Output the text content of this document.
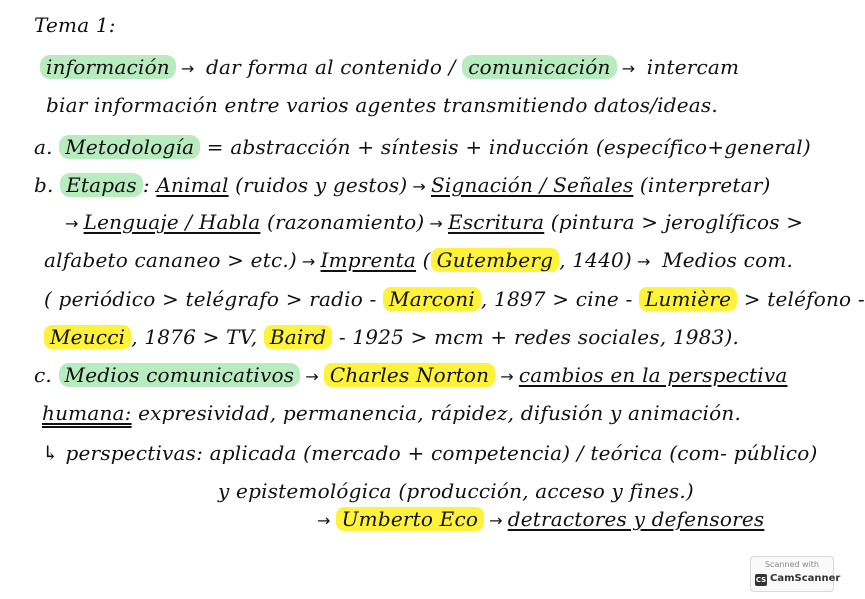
Tema 1:
información → dar forma al contenido / comunicación → intercam
biar información entre varios agentes transmitiendo datos/ideas.
a. Metodología = abstracción + síntesis + inducción (específico+general)
b. Etapas : Animal (ruidos y gestos) → Signación / Señales (interpretar)
→ Lenguaje / Habla (razonamiento) → Escritura (pintura > jeroglíficos >
alfabeto cananeo > etc.) → Imprenta ( Gutemberg , 1440) → Medios com.
( periódico > telégrafo > radio - Marconi , 1897 > cine - Lumière > teléfono -
Meucci , 1876 > TV, Baird - 1925 > mcm + redes sociales, 1983).
c. Medios comunicativos → Charles Norton → cambios en la perspectiva
humana: expresividad, permanencia, rápidez, difusión y animación.
↳ perspectivas: aplicada (mercado + competencia) / teórica (com- público)
y epistemológica (producción, acceso y fines.)
→ Umberto Eco → detractores y defensores
Scanned with
CS CamScanner
